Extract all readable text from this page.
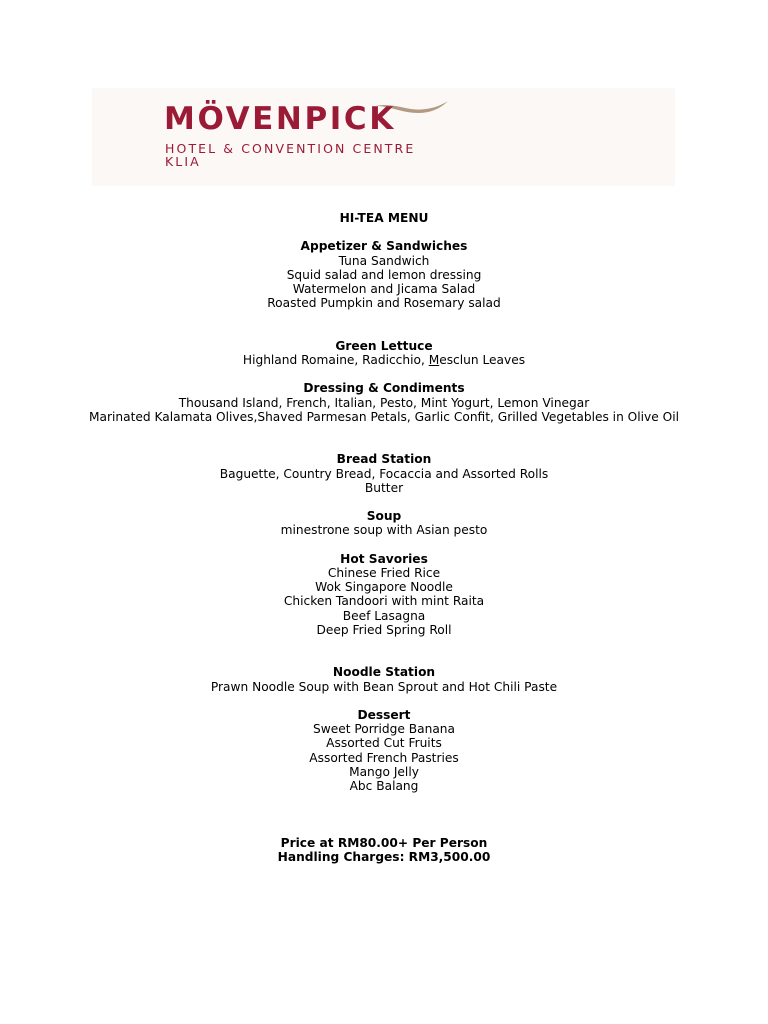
MÖVENPICK
HOTEL & CONVENTION CENTRE
KLIA
HI-TEA MENU
Appetizer & Sandwiches
Tuna Sandwich
Squid salad and lemon dressing
Watermelon and Jicama Salad
Roasted Pumpkin and Rosemary salad
Green Lettuce
Highland Romaine, Radicchio, Mesclun Leaves
Dressing & Condiments
Thousand Island, French, Italian, Pesto, Mint Yogurt, Lemon Vinegar
Marinated Kalamata Olives,Shaved Parmesan Petals, Garlic Confit, Grilled Vegetables in Olive Oil
Bread Station
Baguette, Country Bread, Focaccia and Assorted Rolls
Butter
Soup
minestrone soup with Asian pesto
Hot Savories
Chinese Fried Rice
Wok Singapore Noodle
Chicken Tandoori with mint Raita
Beef Lasagna
Deep Fried Spring Roll
Noodle Station
Prawn Noodle Soup with Bean Sprout and Hot Chili Paste
Dessert
Sweet Porridge Banana
Assorted Cut Fruits
Assorted French Pastries
Mango Jelly
Abc Balang
Price at RM80.00+ Per Person
Handling Charges: RM3,500.00
